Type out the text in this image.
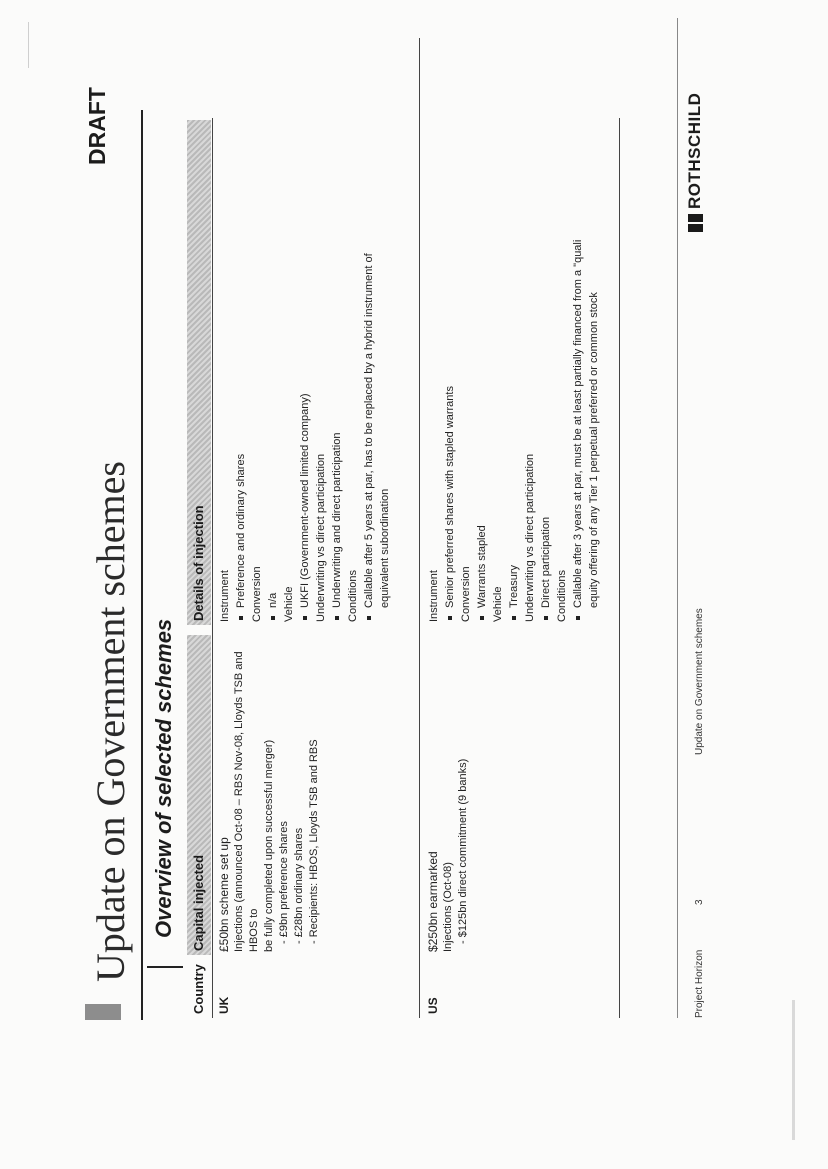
Update on Government schemes
DRAFT
Overview of selected schemes
Country
Capital injected
Details of injection
UK
£50bn scheme set up Injections (announced Oct-08 – RBS Nov-08, Lloyds TSB and HBOS to be fully completed upon successful merger) - £9bn preference shares - £28bn ordinary shares - Recipients: HBOS, Lloyds TSB and RBS
Instrument Preference and ordinary shares Conversion n/a Vehicle UKFI (Government-owned limited company) Underwriting vs direct participation Underwriting and direct participation Conditions Callable after 5 years at par, has to be replaced by a hybrid instrument of equivalent subordination
US
$250bn earmarked Injections (Oct-08) - $125bn direct commitment (9 banks)
Instrument Senior preferred shares with stapled warrants Conversion Warrants stapled Vehicle Treasury Underwriting vs direct participation Direct participation Conditions Callable after 3 years at par, must be at least partially financed from a "quali equity offering of any Tier 1 perpetual preferred or common stock
Project Horizon
3
Update on Government schemes
ROTHSCHILD
